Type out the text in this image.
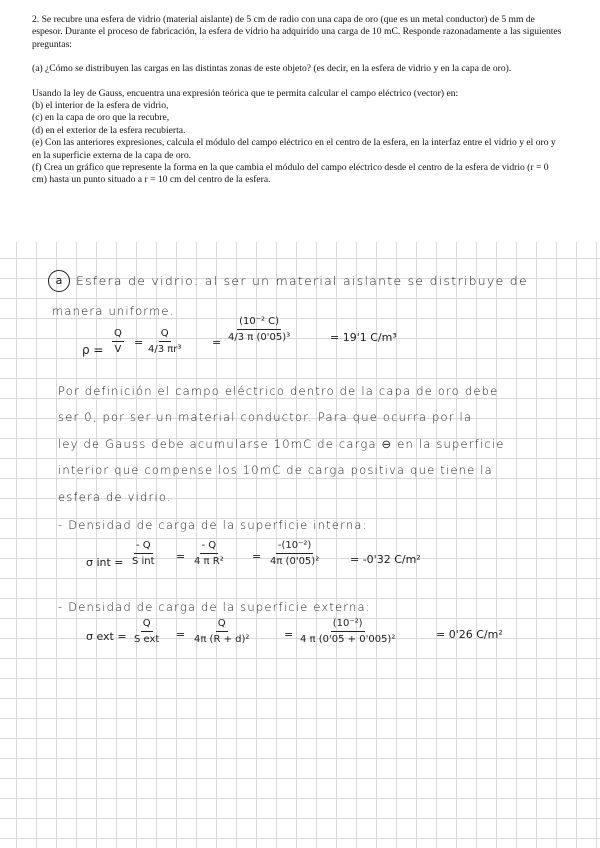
2. Se recubre una esfera de vidrio (material aislante) de 5 cm de radio con una capa de oro (que es un metal conductor) de 5 mm de espesor. Durante el proceso de fabricación, la esfera de vidrio ha adquirido una carga de 10 mC. Responde razonadamente a las siguientes preguntas:

(a) ¿Cómo se distribuyen las cargas en las distintas zonas de este objeto? (es decir, en la esfera de vidrio y en la capa de oro).

Usando la ley de Gauss, encuentra una expresión teórica que te permita calcular el campo eléctrico (vector) en:

(b) el interior de la esfera de vidrio,

(c) en la capa de oro que la recubre,

(d) en el exterior de la esfera recubierta.

(e) Con las anteriores expresiones, calcula el módulo del campo eléctrico en el centro de la esfera, en la interfaz entre el vidrio y el oro y en la superficie externa de la capa de oro.

(f) Crea un gráfico que represente la forma en la que cambia el módulo del campo eléctrico desde el centro de la esfera de vidrio (r = 0 cm) hasta un punto situado a r = 10 cm del centro de la esfera.

a	Esfera de vidrio: al ser un material aislante se distribuye de
manera uniforme.
$\rho = \frac{Q}{V} = \frac{Q}{\text{4/3 πr³}}$	= $\frac{\text{(10⁻² C)}}{\text{4/3 π (0'05)³}}$	= 19'1 C/m³
Por definición el campo eléctrico dentro de la capa de oro debe
ser 0, por ser un material conductor. Para que ocurra por la
ley de Gauss debe acumularse 10mC de carga ⊖ en la superficie
interior que compense los 10mC de carga positiva que tiene la
esfera de vidrio.
- Densidad de carga de la superficie interna:
σ int =
- Q
S int = $\frac{- Q}{\text{4 π R²}}$	= $\frac{\text{-(10⁻²)}}{\text{4π (0'05)²}}$	= -0'32 C/m²
- Densidad de carga de la superficie externa:
σ ext =
Q
S ext = $\frac{Q}{\text{4π (R + d)²}}$	= $\frac{\text{(10⁻²)}}{\text{4 π (0'05 + 0'005)²}}$	= 0'26 C/m²
